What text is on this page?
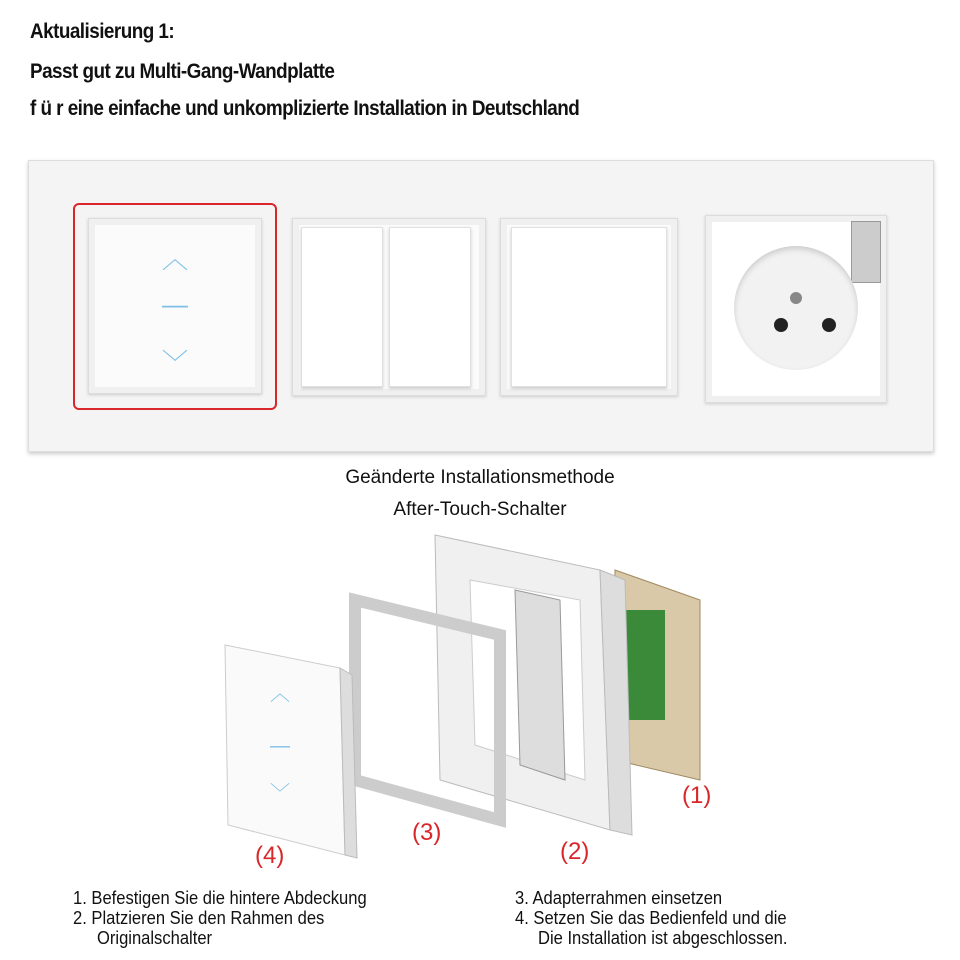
Aktualisierung 1:
Passt gut zu Multi-Gang-Wandplatte
f ü r eine einfache und unkomplizierte Installation in Deutschland
︿
—
﹀
Geänderte Installationsmethode
After-Touch-Schalter
︿
—
﹀	(1)
(2)
(3)
(4)
1. Befestigen Sie die hintere Abdeckung
2. Platzieren Sie den Rahmen des
Originalschalter
3. Adapterrahmen einsetzen
4. Setzen Sie das Bedienfeld und die
Die Installation ist abgeschlossen.
